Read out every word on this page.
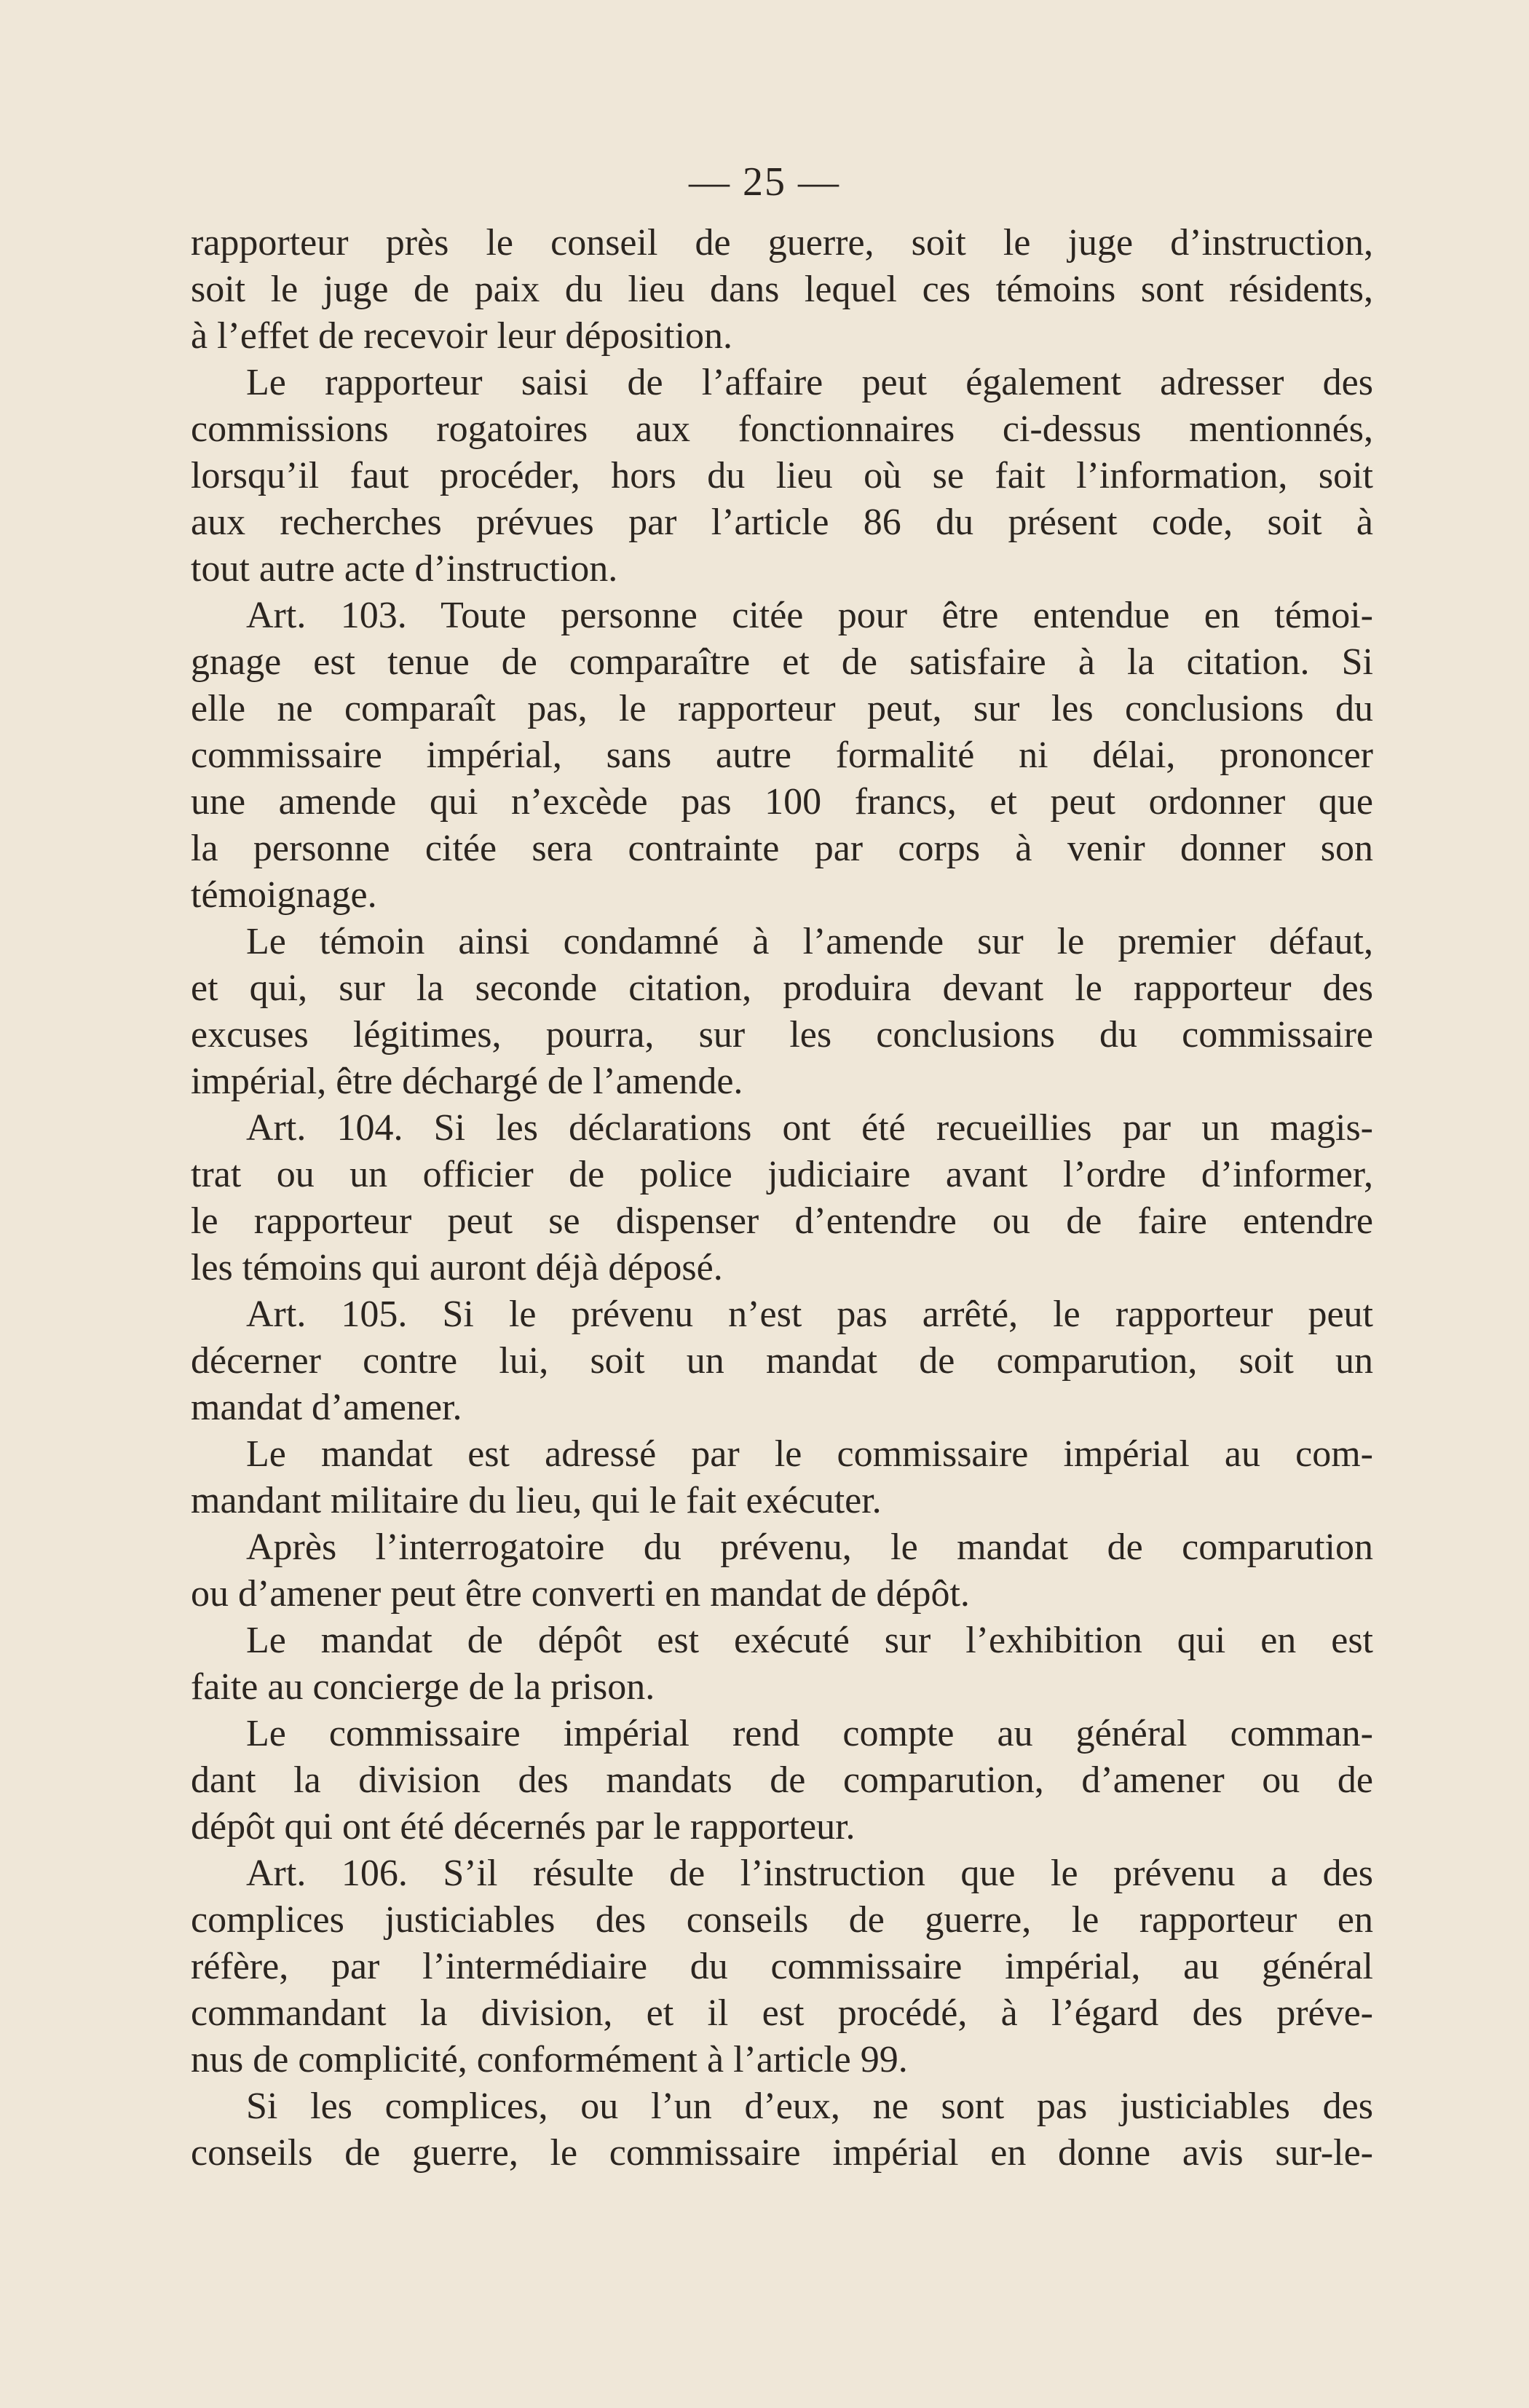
— 25 —
rapporteur près le conseil de guerre, soit le juge d’instruction,
soit le juge de paix du lieu dans lequel ces témoins sont résidents,
à l’effet de recevoir leur déposition.
Le rapporteur saisi de l’affaire peut également adresser des
commissions rogatoires aux fonctionnaires ci-dessus mentionnés,
lorsqu’il faut procéder, hors du lieu où se fait l’information, soit
aux recherches prévues par l’article 86 du présent code, soit à
tout autre acte d’instruction.
Art. 103. Toute personne citée pour être entendue en témoi-
gnage est tenue de comparaître et de satisfaire à la citation. Si
elle ne comparaît pas, le rapporteur peut, sur les conclusions du
commissaire impérial, sans autre formalité ni délai, prononcer
une amende qui n’excède pas 100 francs, et peut ordonner que
la personne citée sera contrainte par corps à venir donner son
témoignage.
Le témoin ainsi condamné à l’amende sur le premier défaut,
et qui, sur la seconde citation, produira devant le rapporteur des
excuses légitimes, pourra, sur les conclusions du commissaire
impérial, être déchargé de l’amende.
Art. 104. Si les déclarations ont été recueillies par un magis-
trat ou un officier de police judiciaire avant l’ordre d’informer,
le rapporteur peut se dispenser d’entendre ou de faire entendre
les témoins qui auront déjà déposé.
Art. 105. Si le prévenu n’est pas arrêté, le rapporteur peut
décerner contre lui, soit un mandat de comparution, soit un
mandat d’amener.
Le mandat est adressé par le commissaire impérial au com-
mandant militaire du lieu, qui le fait exécuter.
Après l’interrogatoire du prévenu, le mandat de comparution
ou d’amener peut être converti en mandat de dépôt.
Le mandat de dépôt est exécuté sur l’exhibition qui en est
faite au concierge de la prison.
Le commissaire impérial rend compte au général comman-
dant la division des mandats de comparution, d’amener ou de
dépôt qui ont été décernés par le rapporteur.
Art. 106. S’il résulte de l’instruction que le prévenu a des
complices justiciables des conseils de guerre, le rapporteur en
réfère, par l’intermédiaire du commissaire impérial, au général
commandant la division, et il est procédé, à l’égard des préve-
nus de complicité, conformément à l’article 99.
Si les complices, ou l’un d’eux, ne sont pas justiciables des
conseils de guerre, le commissaire impérial en donne avis sur-le-
